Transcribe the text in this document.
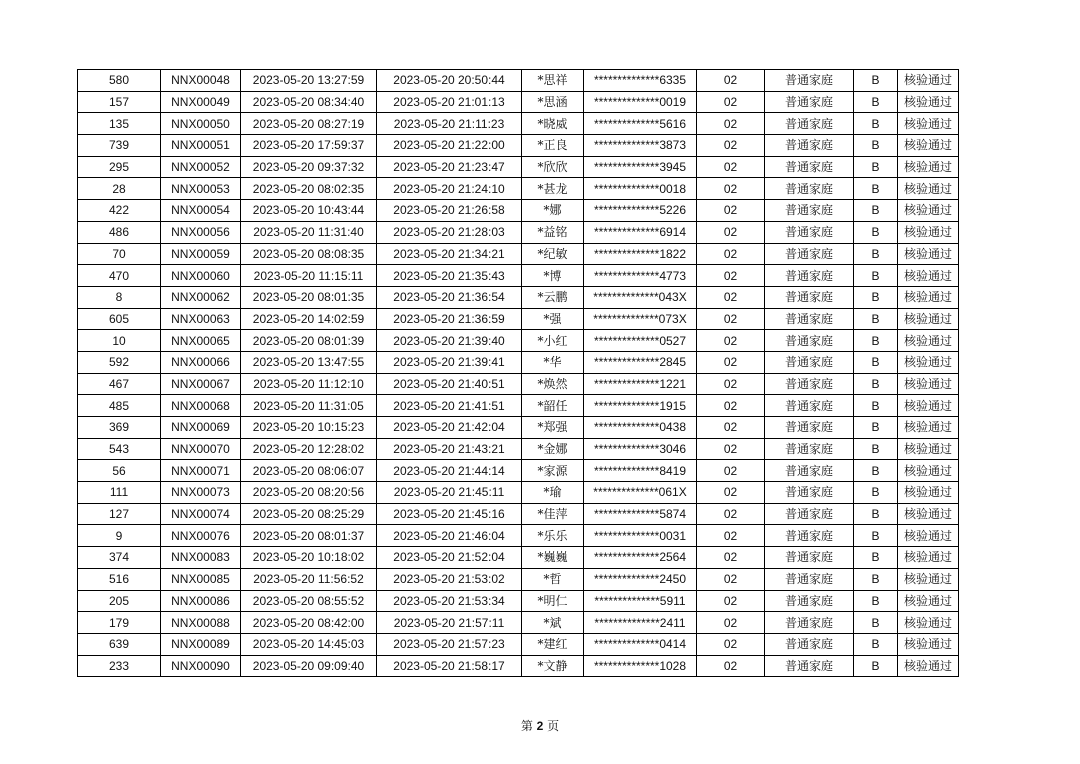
580	NNX00048	2023-05-20 13:27:59	2023-05-20 20:50:44	*思祥	**************6335	02	普通家庭	B	核验通过
157	NNX00049	2023-05-20 08:34:40	2023-05-20 21:01:13	*思涵	**************0019	02	普通家庭	B	核验通过
135	NNX00050	2023-05-20 08:27:19	2023-05-20 21:11:23	*晓威	**************5616	02	普通家庭	B	核验通过
739	NNX00051	2023-05-20 17:59:37	2023-05-20 21:22:00	*正良	**************3873	02	普通家庭	B	核验通过
295	NNX00052	2023-05-20 09:37:32	2023-05-20 21:23:47	*欣欣	**************3945	02	普通家庭	B	核验通过
28	NNX00053	2023-05-20 08:02:35	2023-05-20 21:24:10	*甚龙	**************0018	02	普通家庭	B	核验通过
422	NNX00054	2023-05-20 10:43:44	2023-05-20 21:26:58	*娜	**************5226	02	普通家庭	B	核验通过
486	NNX00056	2023-05-20 11:31:40	2023-05-20 21:28:03	*益铭	**************6914	02	普通家庭	B	核验通过
70	NNX00059	2023-05-20 08:08:35	2023-05-20 21:34:21	*纪敏	**************1822	02	普通家庭	B	核验通过
470	NNX00060	2023-05-20 11:15:11	2023-05-20 21:35:43	*博	**************4773	02	普通家庭	B	核验通过
8	NNX00062	2023-05-20 08:01:35	2023-05-20 21:36:54	*云鹏	**************043X	02	普通家庭	B	核验通过
605	NNX00063	2023-05-20 14:02:59	2023-05-20 21:36:59	*强	**************073X	02	普通家庭	B	核验通过
10	NNX00065	2023-05-20 08:01:39	2023-05-20 21:39:40	*小红	**************0527	02	普通家庭	B	核验通过
592	NNX00066	2023-05-20 13:47:55	2023-05-20 21:39:41	*华	**************2845	02	普通家庭	B	核验通过
467	NNX00067	2023-05-20 11:12:10	2023-05-20 21:40:51	*焕然	**************1221	02	普通家庭	B	核验通过
485	NNX00068	2023-05-20 11:31:05	2023-05-20 21:41:51	*韶任	**************1915	02	普通家庭	B	核验通过
369	NNX00069	2023-05-20 10:15:23	2023-05-20 21:42:04	*郑强	**************0438	02	普通家庭	B	核验通过
543	NNX00070	2023-05-20 12:28:02	2023-05-20 21:43:21	*金娜	**************3046	02	普通家庭	B	核验通过
56	NNX00071	2023-05-20 08:06:07	2023-05-20 21:44:14	*家源	**************8419	02	普通家庭	B	核验通过
111	NNX00073	2023-05-20 08:20:56	2023-05-20 21:45:11	*瑜	**************061X	02	普通家庭	B	核验通过
127	NNX00074	2023-05-20 08:25:29	2023-05-20 21:45:16	*佳萍	**************5874	02	普通家庭	B	核验通过
9	NNX00076	2023-05-20 08:01:37	2023-05-20 21:46:04	*乐乐	**************0031	02	普通家庭	B	核验通过
374	NNX00083	2023-05-20 10:18:02	2023-05-20 21:52:04	*巍巍	**************2564	02	普通家庭	B	核验通过
516	NNX00085	2023-05-20 11:56:52	2023-05-20 21:53:02	*哲	**************2450	02	普通家庭	B	核验通过
205	NNX00086	2023-05-20 08:55:52	2023-05-20 21:53:34	*明仁	**************5911	02	普通家庭	B	核验通过
179	NNX00088	2023-05-20 08:42:00	2023-05-20 21:57:11	*斌	**************2411	02	普通家庭	B	核验通过
639	NNX00089	2023-05-20 14:45:03	2023-05-20 21:57:23	*建红	**************0414	02	普通家庭	B	核验通过
233	NNX00090	2023-05-20 09:09:40	2023-05-20 21:58:17	*文静	**************1028	02	普通家庭	B	核验通过
第 2 页
